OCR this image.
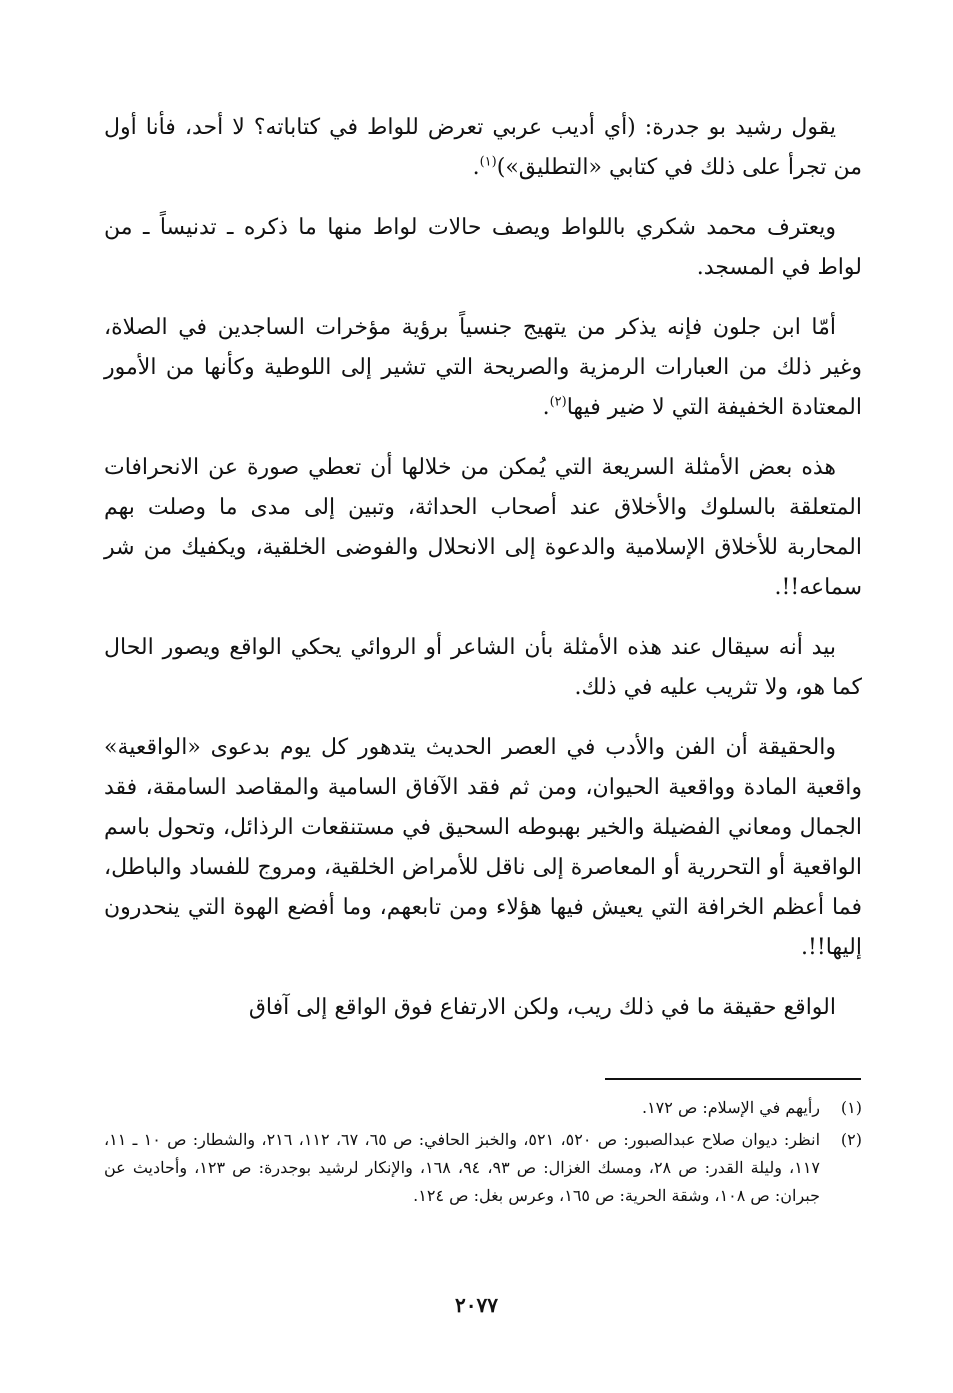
يقول رشيد بو جدرة: (أي أديب عربي تعرض للواط في كتاباته؟ لا أحد، فأنا أول من تجرأ على ذلك في كتابي «التطليق»)$^{(١)}$.

ويعترف محمد شكري باللواط ويصف حالات لواط منها ما ذكره ـ تدنيساً ـ من لواط في المسجد.

أمّا ابن جلون فإنه يذكر من يتهيج جنسياً برؤية مؤخرات الساجدين في الصلاة، وغير ذلك من العبارات الرمزية والصريحة التي تشير إلى اللوطية وكأنها من الأمور المعتادة الخفيفة التي لا ضير فيها$^{(٢)}$.

هذه بعض الأمثلة السريعة التي يُمكن من خلالها أن تعطي صورة عن الانحرافات المتعلقة بالسلوك والأخلاق عند أصحاب الحداثة، وتبين إلى مدى ما وصلت بهم المحاربة للأخلاق الإسلامية والدعوة إلى الانحلال والفوضى الخلقية، ويكفيك من شر سماعه!!.

بيد أنه سيقال عند هذه الأمثلة بأن الشاعر أو الروائي يحكي الواقع ويصور الحال كما هو، ولا تثريب عليه في ذلك.

والحقيقة أن الفن والأدب في العصر الحديث يتدهور كل يوم بدعوى «الواقعية» واقعية المادة وواقعية الحيوان، ومن ثم فقد الآفاق السامية والمقاصد السامقة، فقد الجمال ومعاني الفضيلة والخير بهبوطه السحيق في مستنقعات الرذائل، وتحول باسم الواقعية أو التحررية أو المعاصرة إلى ناقل للأمراض الخلقية، ومروج للفساد والباطل، فما أعظم الخرافة التي يعيش فيها هؤلاء ومن تابعهم، وما أفضع الهوة التي ينحدرون إليها!!.

الواقع حقيقة ما في ذلك ريب، ولكن الارتفاع فوق الواقع إلى آفاق

(١)
رأيهم في الإسلام: ص ١٧٢.
(٢)
انظر: ديوان صلاح عبدالصبور: ص ٥٢٠، ٥٢١، والخبز الحافي: ص ٦٥، ٦٧، ١١٢، ٢١٦، والشطار: ص ١٠ ـ ١١، ١١٧، وليلة القدر: ص ٢٨، ومسك الغزال: ص ٩٣، ٩٤، ١٦٨، والإنكار لرشيد بوجدرة: ص ١٢٣، وأحاديث عن جبران: ص ١٠٨، وشقة الحرية: ص ١٦٥، وعرس بغل: ص ١٢٤.
٢٠٧٧
